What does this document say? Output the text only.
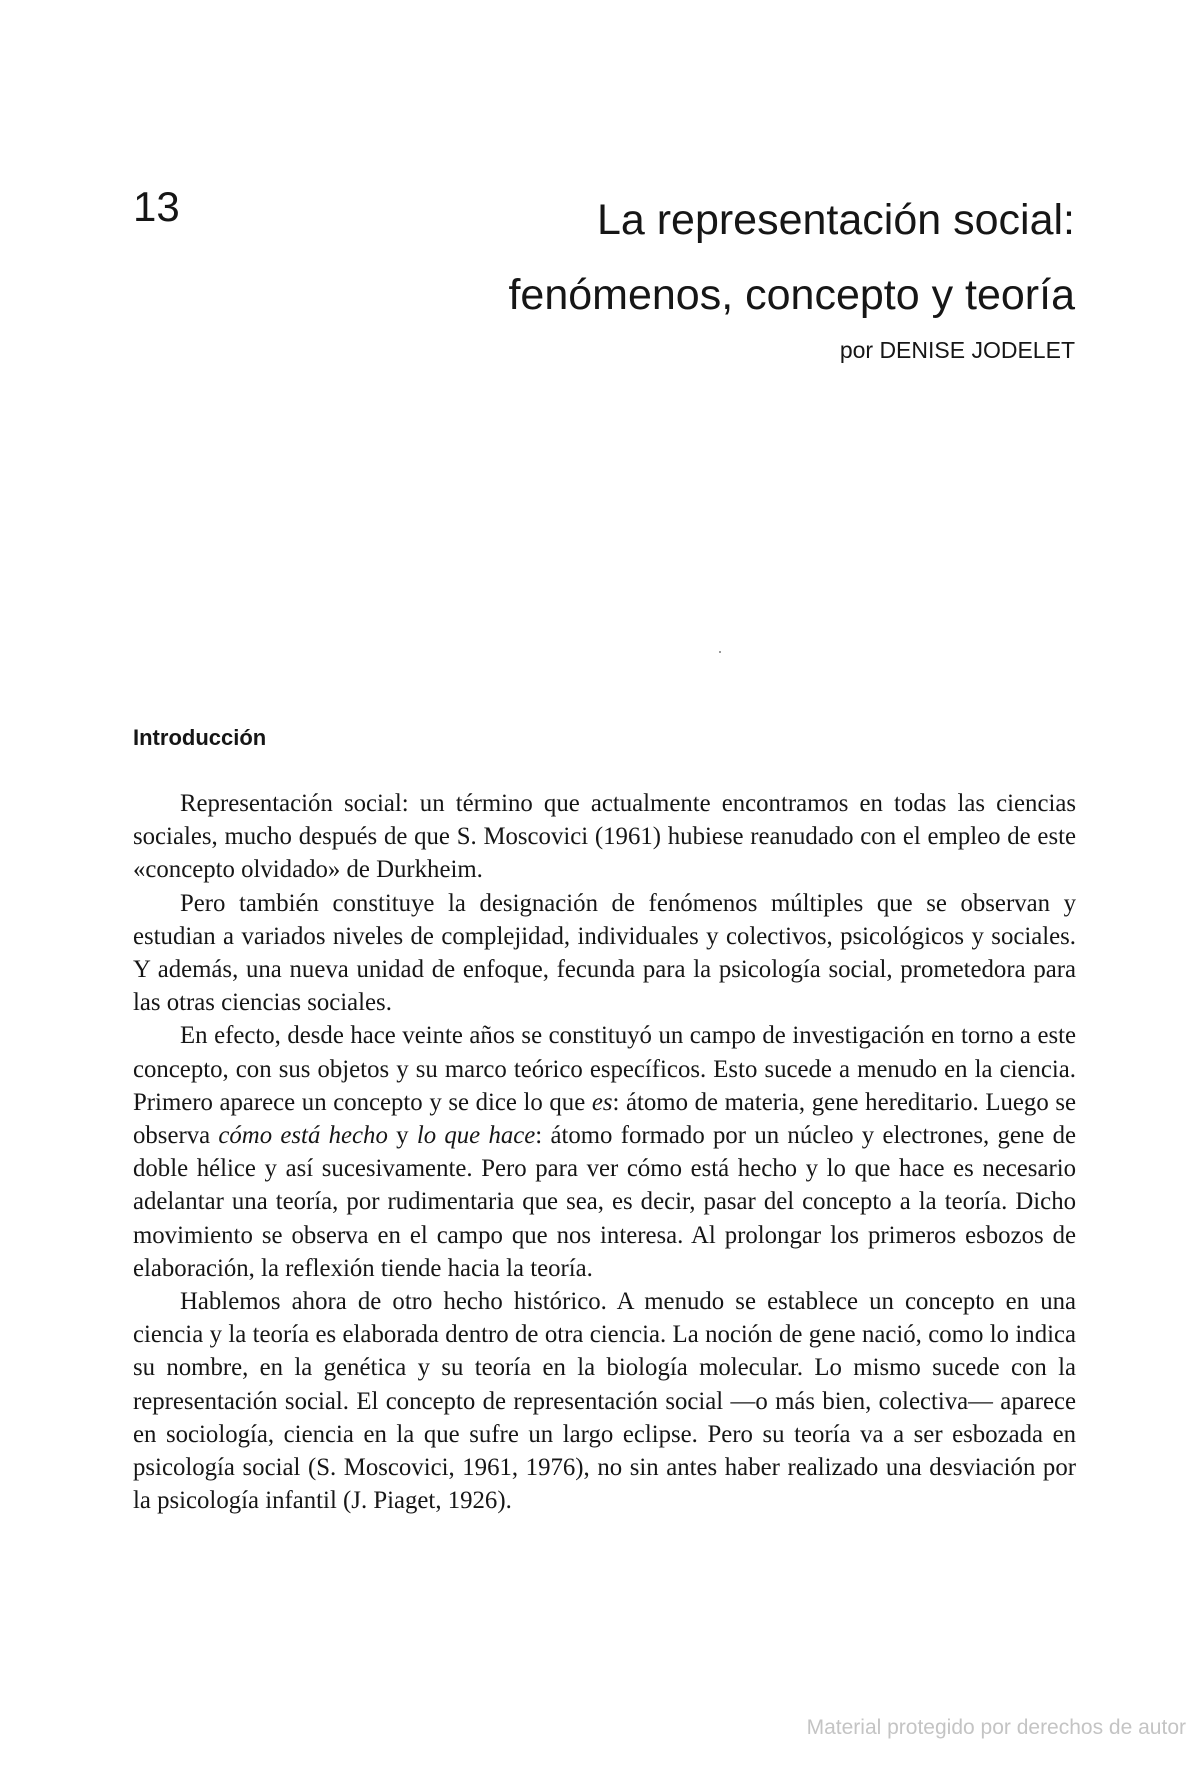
13	La representación social:
fenómenos, concepto y teoría
por DENISE JODELET
Introducción

Representación social: un término que actualmente encontramos en todas las ciencias sociales, mucho después de que S. Moscovici (1961) hubiese reanudado con el empleo de este «concepto olvidado» de Durkheim.

Pero también constituye la designación de fenómenos múltiples que se observan y estudian a variados niveles de complejidad, individuales y colectivos, psicológicos y sociales. Y además, una nueva unidad de enfoque, fecunda para la psicología social, prometedora para las otras ciencias sociales.

En efecto, desde hace veinte años se constituyó un campo de investigación en torno a este concepto, con sus objetos y su marco teórico específicos. Esto sucede a menudo en la ciencia. Primero aparece un concepto y se dice lo que es: átomo de materia, gene hereditario. Luego se observa cómo está hecho y lo que hace: átomo formado por un núcleo y electrones, gene de doble hélice y así sucesivamente. Pero para ver cómo está hecho y lo que hace es necesario adelantar una teoría, por rudimentaria que sea, es decir, pasar del concepto a la teoría. Dicho movimiento se observa en el campo que nos interesa. Al prolongar los primeros esbozos de elaboración, la reflexión tiende hacia la teoría.

Hablemos ahora de otro hecho histórico. A menudo se establece un concepto en una ciencia y la teoría es elaborada dentro de otra ciencia. La noción de gene nació, como lo indica su nombre, en la genética y su teoría en la biología molecular. Lo mismo sucede con la representación social. El concepto de representación social —o más bien, colectiva— aparece en sociología, ciencia en la que sufre un largo eclipse. Pero su teoría va a ser esbozada en psicología social (S. Moscovici, 1961, 1976), no sin antes haber realizado una desviación por la psicología infantil (J. Piaget, 1926).

Material protegido por derechos de autor
